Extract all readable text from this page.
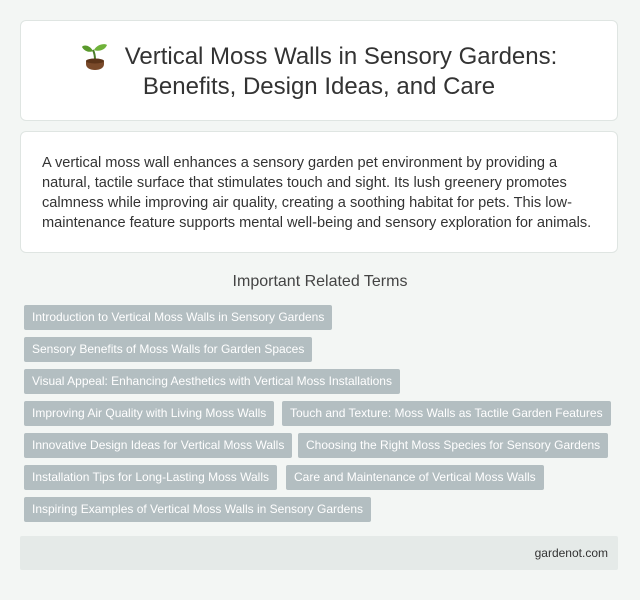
Vertical Moss Walls in Sensory Gardens:
Benefits, Design Ideas, and Care

A vertical moss wall enhances a sensory garden pet environment by providing a natural, tactile surface that stimulates touch and sight. Its lush greenery promotes calmness while improving air quality, creating a soothing habitat for pets. This low-maintenance feature supports mental well-being and sensory exploration for animals.

Important Related Terms
Introduction to Vertical Moss Walls in Sensory Gardens
Sensory Benefits of Moss Walls for Garden Spaces
Visual Appeal: Enhancing Aesthetics with Vertical Moss Installations
Improving Air Quality with Living Moss Walls	Touch and Texture: Moss Walls as Tactile Garden Features
Innovative Design Ideas for Vertical Moss Walls	Choosing the Right Moss Species for Sensory Gardens
Installation Tips for Long-Lasting Moss Walls	Care and Maintenance of Vertical Moss Walls
Inspiring Examples of Vertical Moss Walls in Sensory Gardens
gardenot.com
